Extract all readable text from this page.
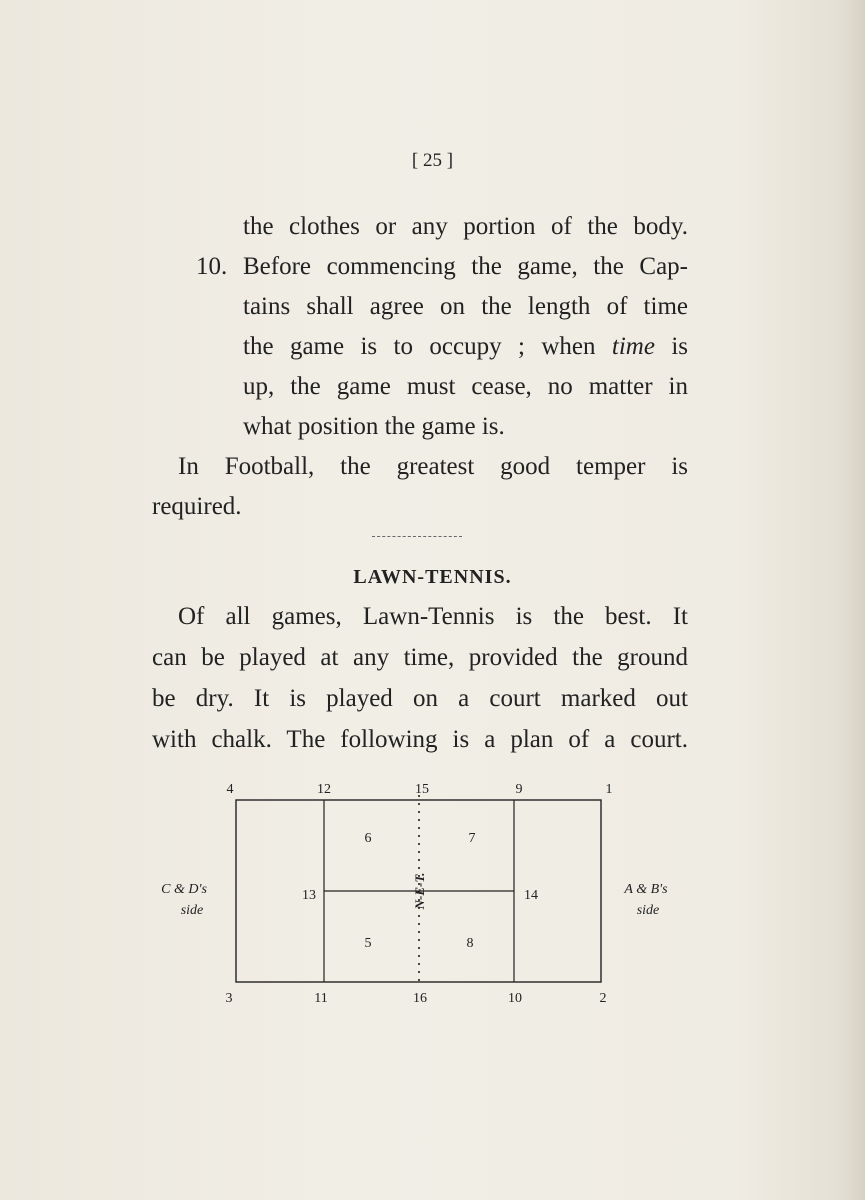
[ 25 ]
the clothes or any portion of the body.
10. Before commencing the game, the Cap-
tains shall agree on the length of time
the game is to occupy ; when time is
up, the game must cease, no matter in
what position the game is.
In Football, the greatest good temper is
required.
LAWN-TENNIS.
Of all games, Lawn-Tennis is the best. It
can be played at any time, provided the ground
be dry. It is played on a court marked out
with chalk. The following is a plan of a court.
4	12	15	9	1
3	11	16	10	2
13	14
6	7
5	8
N-E-T.
C & D's
side
A & B's
side
